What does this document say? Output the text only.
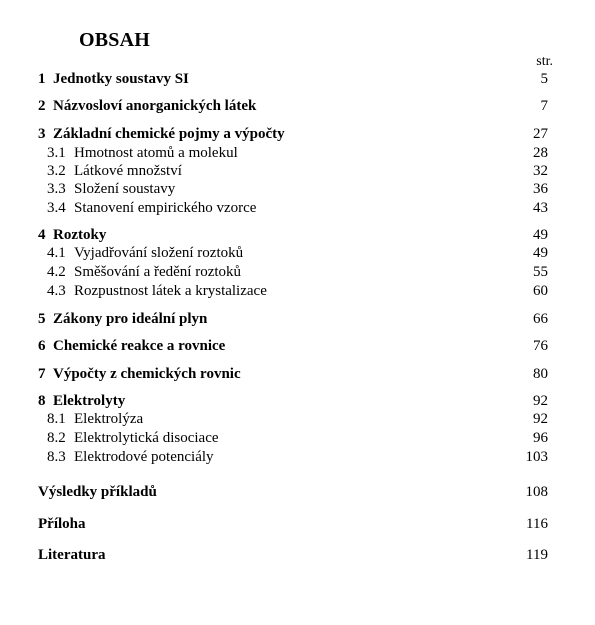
OBSAH
str.
1 Jednotky soustavy SI	5
2 Názvosloví anorganických látek	7
3 Základní chemické pojmy a výpočty	27
3.1 Hmotnost atomů a molekul	28
3.2 Látkové množství	32
3.3 Složení soustavy	36
3.4 Stanovení empirického vzorce	43
4 Roztoky	49
4.1 Vyjadřování složení roztoků	49
4.2 Směšování a ředění roztoků	55
4.3 Rozpustnost látek a krystalizace	60
5 Zákony pro ideální plyn	66
6 Chemické reakce a rovnice	76
7 Výpočty z chemických rovnic	80
8 Elektrolyty	92
8.1 Elektrolýza	92
8.2 Elektrolytická disociace	96
8.3 Elektrodové potenciály	103
Výsledky příkladů	108
Příloha	116
Literatura	119
